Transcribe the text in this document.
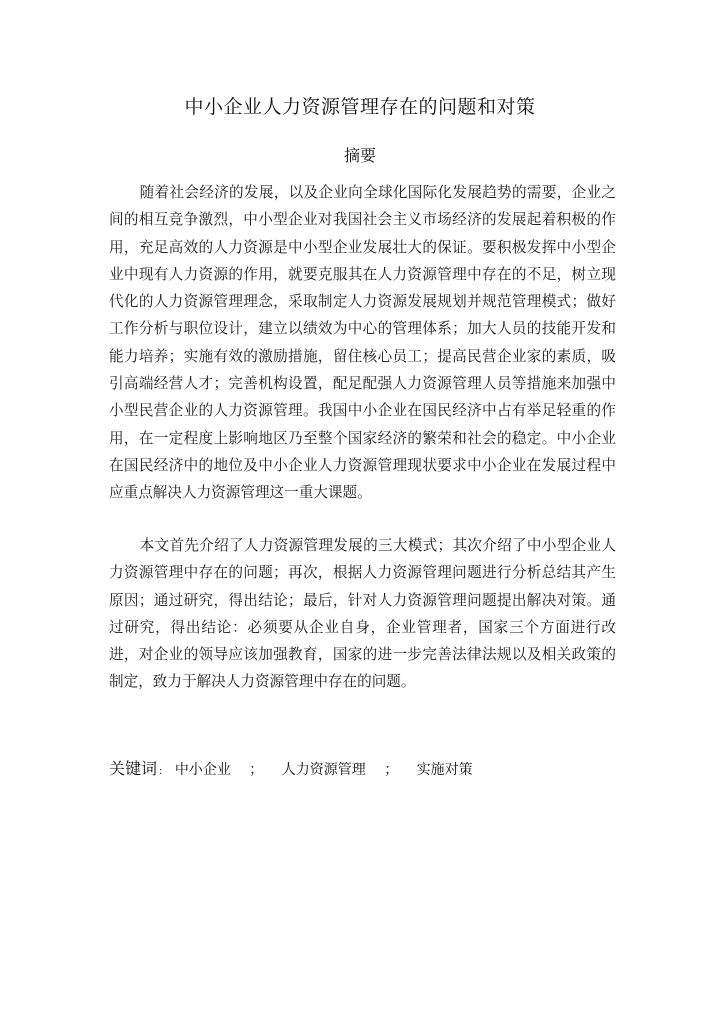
中小企业人力资源管理存在的问题和对策
摘要

随着社会经济的发展，以及企业向全球化国际化发展趋势的需要，企业之间的相互竞争激烈，中小型企业对我国社会主义市场经济的发展起着积极的作用，充足高效的人力资源是中小型企业发展壮大的保证。要积极发挥中小型企业中现有人力资源的作用，就要克服其在人力资源管理中存在的不足，树立现代化的人力资源管理理念，采取制定人力资源发展规划并规范管理模式；做好工作分析与职位设计，建立以绩效为中心的管理体系；加大人员的技能开发和能力培养；实施有效的激励措施，留住核心员工；提高民营企业家的素质，吸引高端经营人才；完善机构设置，配足配强人力资源管理人员等措施来加强中小型民营企业的人力资源管理。我国中小企业在国民经济中占有举足轻重的作用，在一定程度上影响地区乃至整个国家经济的繁荣和社会的稳定。中小企业在国民经济中的地位及中小企业人力资源管理现状要求中小企业在发展过程中应重点解决人力资源管理这一重大课题。

本文首先介绍了人力资源管理发展的三大模式；其次介绍了中小型企业人力资源管理中存在的问题；再次，根据人力资源管理问题进行分析总结其产生原因；通过研究，得出结论；最后，针对人力资源管理问题提出解决对策。通过研究，得出结论：必须要从企业自身，企业管理者，国家三个方面进行改进，对企业的领导应该加强教育，国家的进一步完善法律法规以及相关政策的制定，致力于解决人力资源管理中存在的问题。

关键词 : 中小企业 ； 人力资源管理 ； 实施对策
